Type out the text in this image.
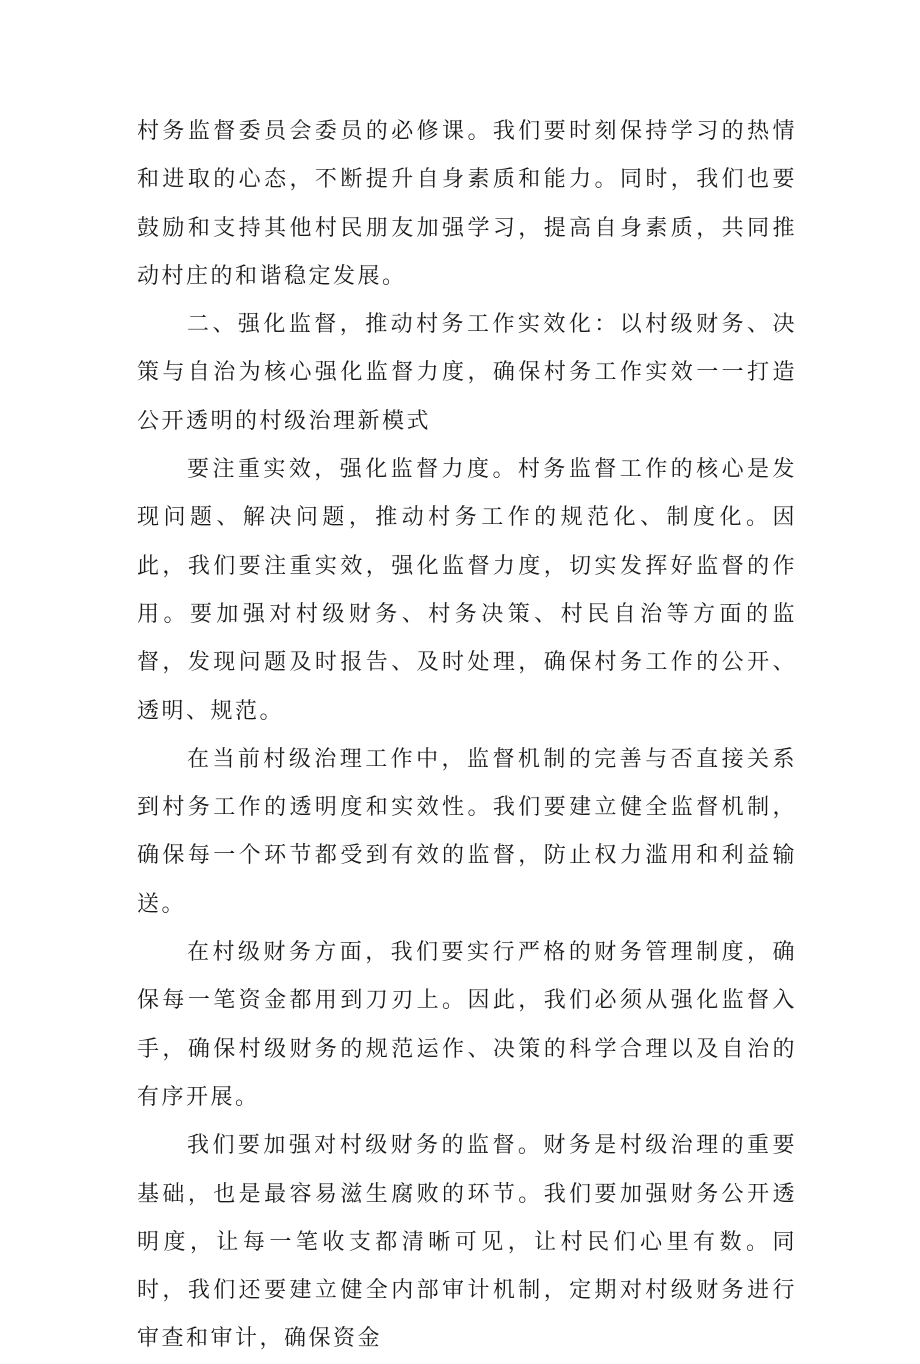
村务监督委员会委员的必修课。我们要时刻保持学习的热情和进取的心态，不断提升自身素质和能力。同时，我们也要鼓励和支持其他村民朋友加强学习，提高自身素质，共同推动村庄的和谐稳定发展。

二、强化监督，推动村务工作实效化：以村级财务、决策与自治为核心强化监督力度，确保村务工作实效一一打造公开透明的村级治理新模式

要注重实效，强化监督力度。村务监督工作的核心是发现问题、解决问题，推动村务工作的规范化、制度化。因此，我们要注重实效，强化监督力度，切实发挥好监督的作用。要加强对村级财务、村务决策、村民自治等方面的监督，发现问题及时报告、及时处理，确保村务工作的公开、透明、规范。

在当前村级治理工作中，监督机制的完善与否直接关系到村务工作的透明度和实效性。我们要建立健全监督机制，确保每一个环节都受到有效的监督，防止权力滥用和利益输送。

在村级财务方面，我们要实行严格的财务管理制度，确保每一笔资金都用到刀刃上。因此，我们必须从强化监督入手，确保村级财务的规范运作、决策的科学合理以及自治的有序开展。

我们要加强对村级财务的监督。财务是村级治理的重要基础，也是最容易滋生腐败的环节。我们要加强财务公开透明度，让每一笔收支都清晰可见，让村民们心里有数。同时，我们还要建立健全内部审计机制，定期对村级财务进行审查和审计，确保资金
